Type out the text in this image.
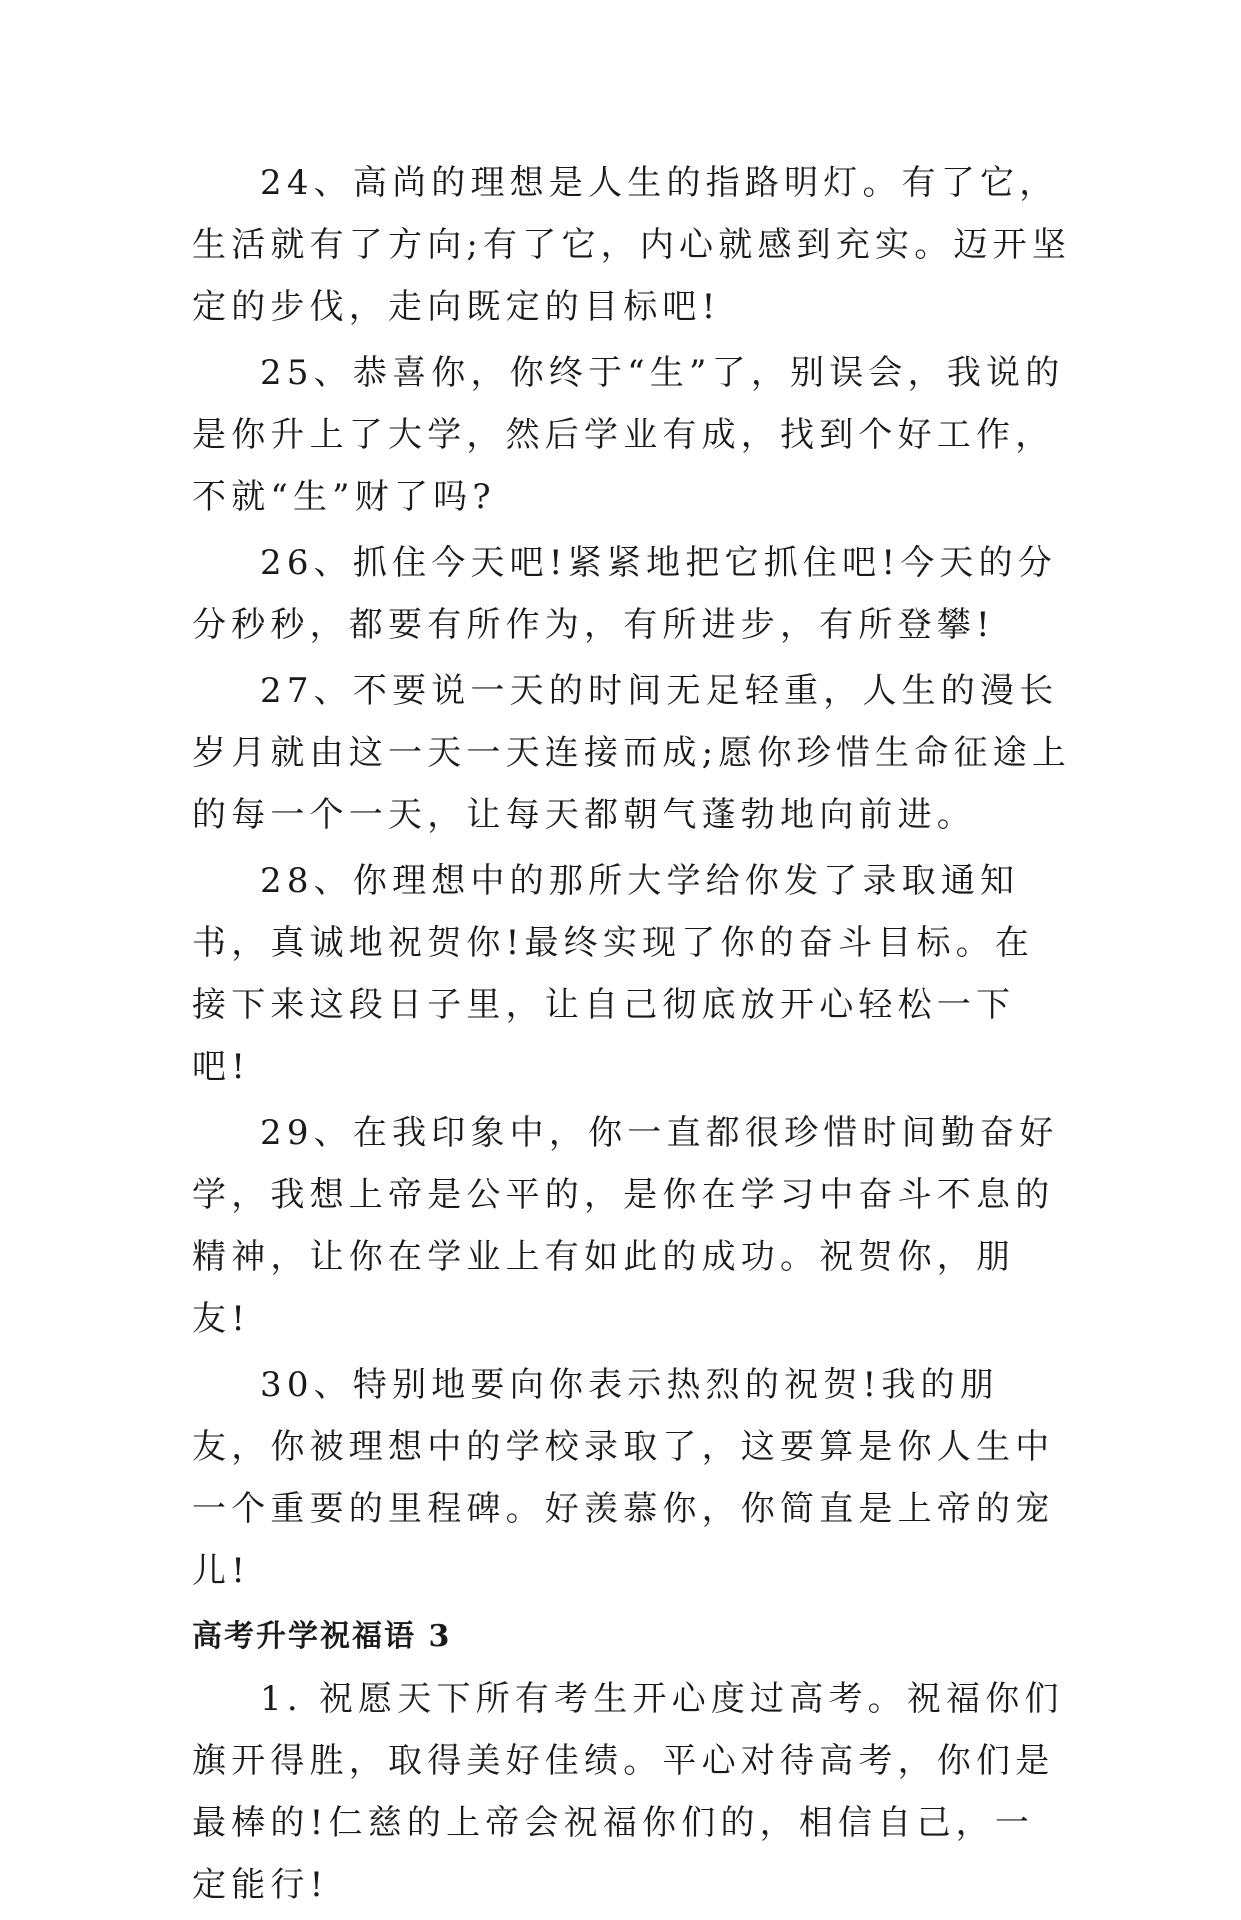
24、高尚的理想是人生的指路明灯。有了它，生活就有了方向;有了它，内心就感到充实。迈开坚定的步伐，走向既定的目标吧!

25、恭喜你，你终于“生”了，别误会，我说的是你升上了大学，然后学业有成，找到个好工作，不就“生”财了吗?

26、抓住今天吧!紧紧地把它抓住吧!今天的分分秒秒，都要有所作为，有所进步，有所登攀!

27、不要说一天的时间无足轻重，人生的漫长岁月就由这一天一天连接而成;愿你珍惜生命征途上的每一个一天，让每天都朝气蓬勃地向前进。

28、你理想中的那所大学给你发了录取通知书，真诚地祝贺你!最终实现了你的奋斗目标。在接下来这段日子里，让自己彻底放开心轻松一下吧!

29、在我印象中，你一直都很珍惜时间勤奋好学，我想上帝是公平的，是你在学习中奋斗不息的精神，让你在学业上有如此的成功。祝贺你，朋友!

30、特别地要向你表示热烈的祝贺!我的朋友，你被理想中的学校录取了，这要算是你人生中一个重要的里程碑。好羡慕你，你简直是上帝的宠儿!

高考升学祝福语 3

1. 祝愿天下所有考生开心度过高考。祝福你们旗开得胜，取得美好佳绩。平心对待高考，你们是最棒的!仁慈的上帝会祝福你们的，相信自己，一定能行!
